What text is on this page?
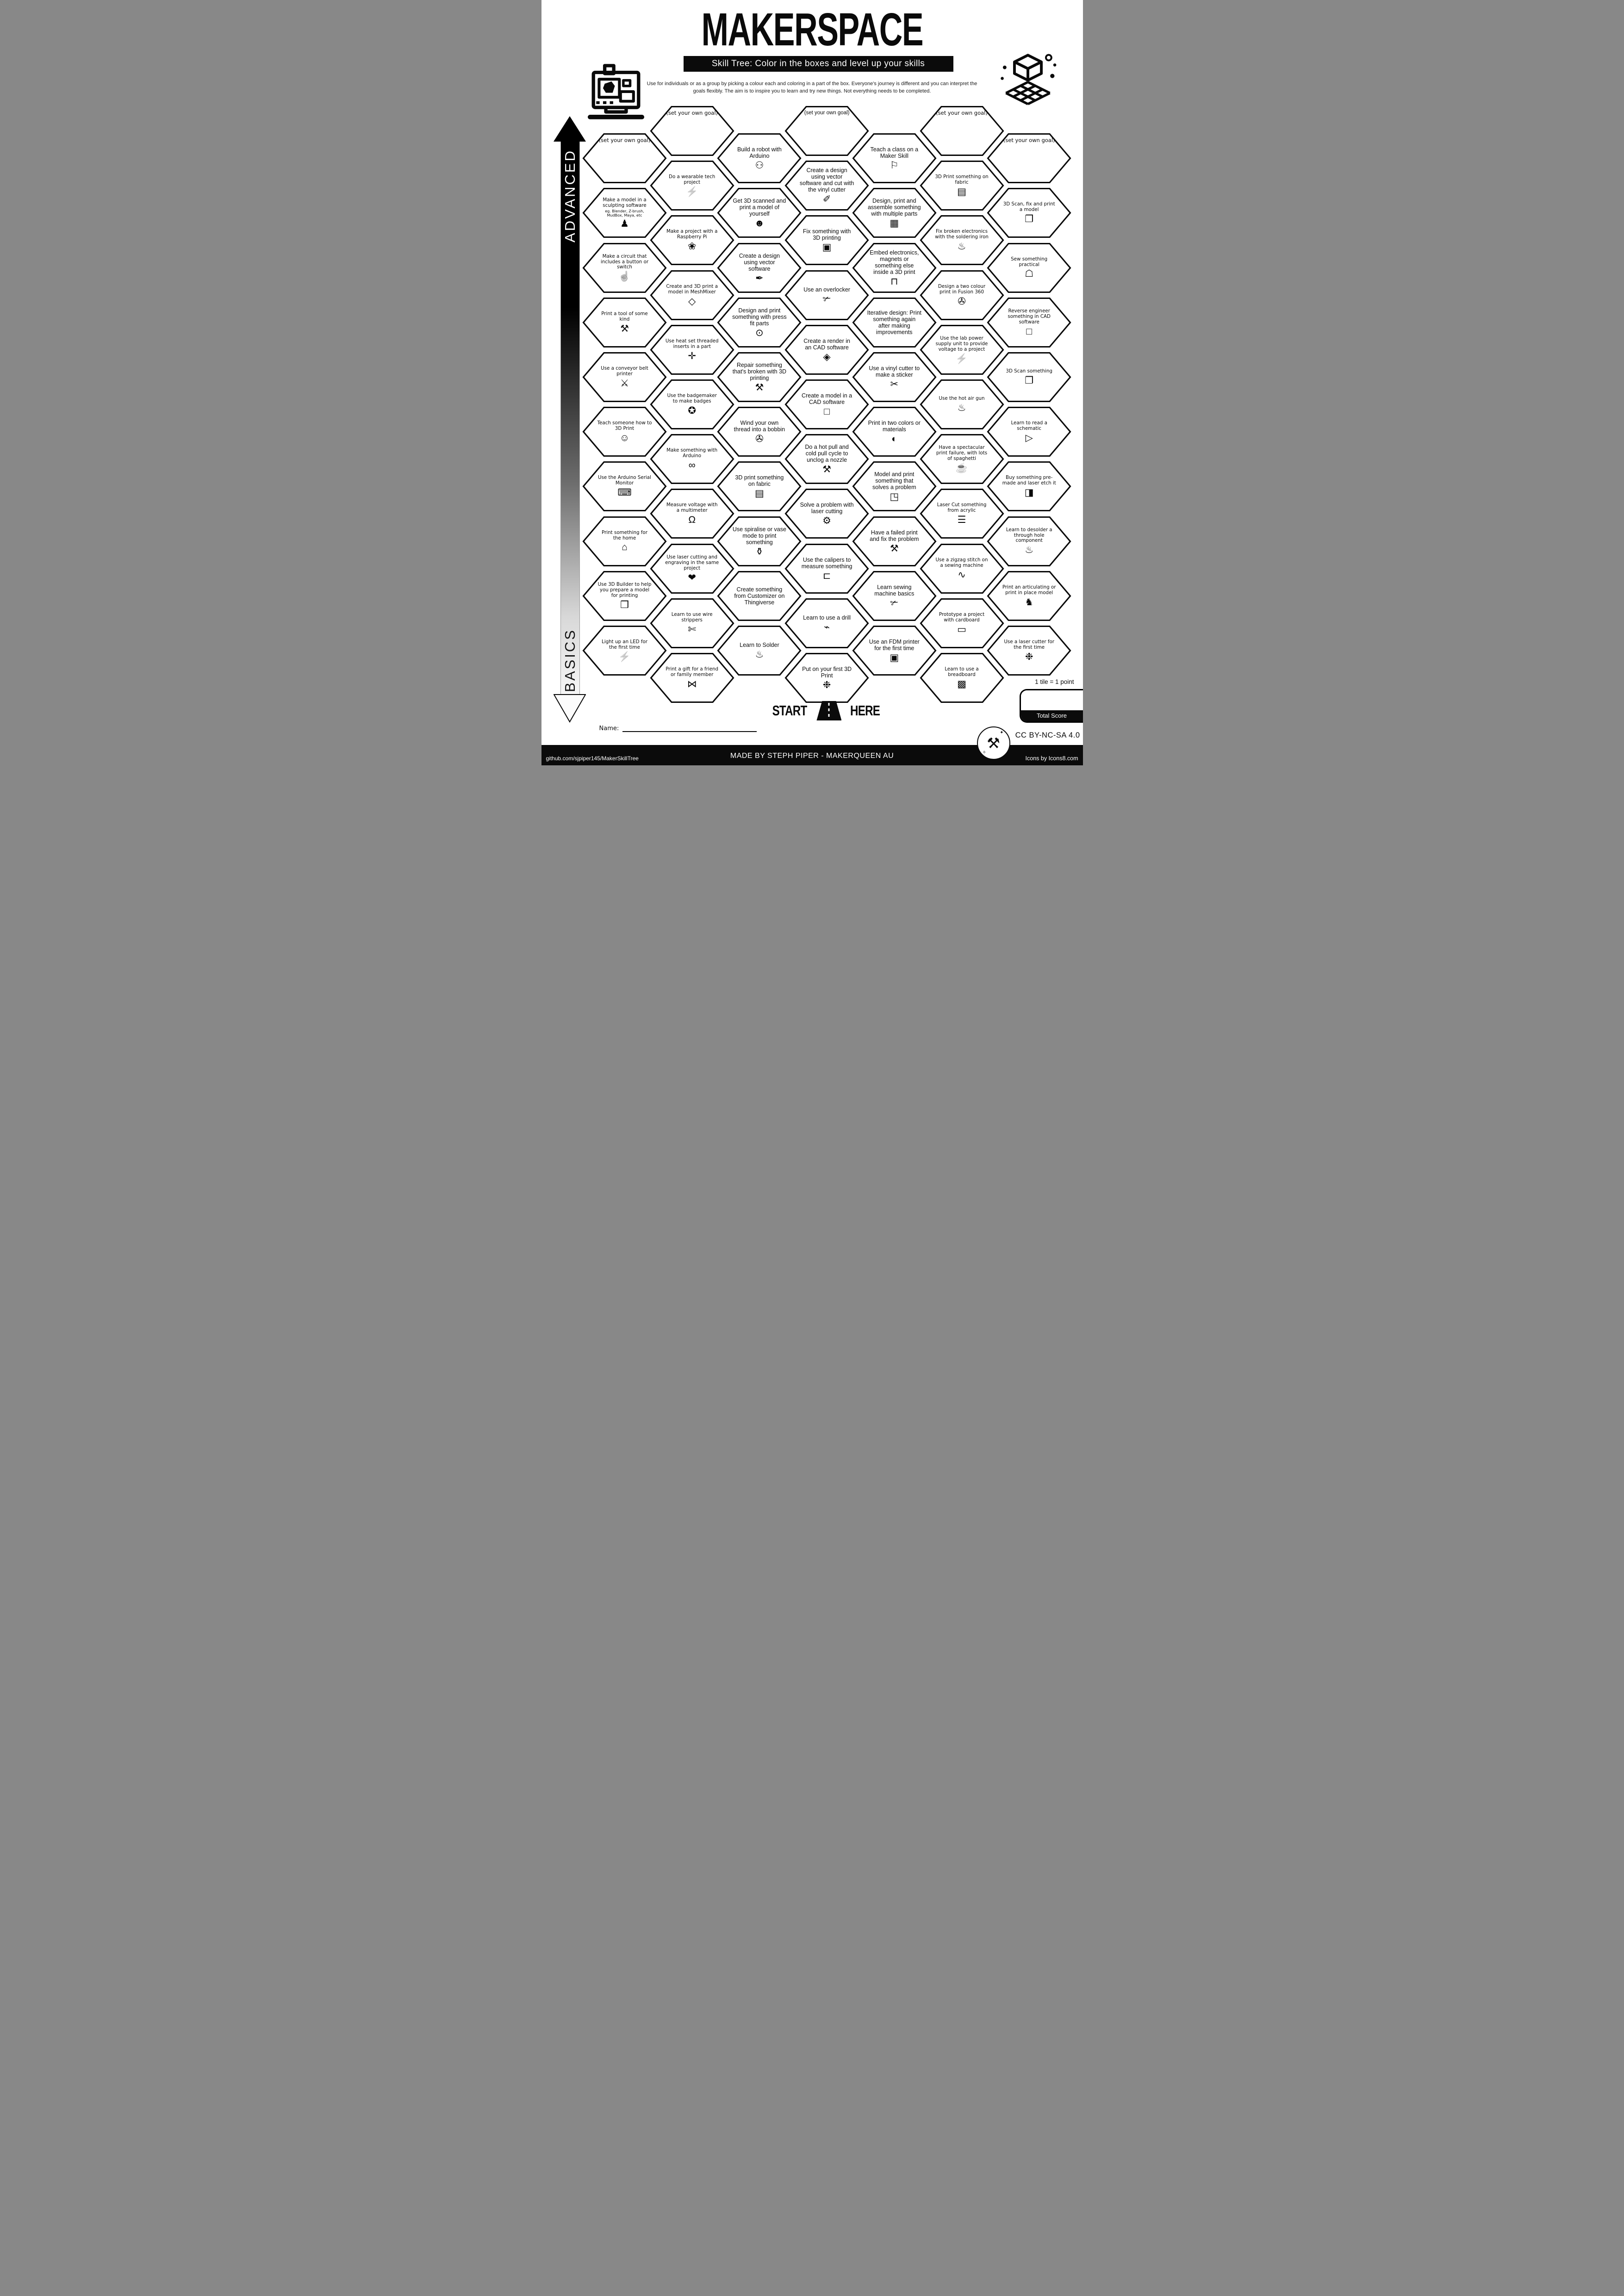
MAKERSPACE
Skill Tree: Color in the boxes and level up your skills
Use for individuals or as a group by picking a colour each and coloring in a part of the box. Everyone's journey is different and you can interpret the goals flexibly. The aim is to inspire you to learn and try new things. Not everything needs to be completed.
ADVANCED
BASICS
(set your own goal)
Make a model in a sculpting software
eg. Blender, Z-brush, MudBox, Maya, etc
♟
Make a circuit that includes a button or switch
☝
Print a tool of some kind
⚒
Use a conveyor belt printer
⚔
Teach someone how to 3D Print
☺
Use the Arduino Serial Monitor
⌨
Print something for the home
⌂
Use 3D Builder to help you prepare a model for printing
❒
Light up an LED for the first time
⚡
(set your own goal)
Do a wearable tech project
⚡
Make a project with a Raspberry Pi
❀
Create and 3D print a model in MeshMixer
◇
Use heat set threaded inserts in a part
✛
Use the badgemaker to make badges
✪
Make something with Arduino
∞
Measure voltage with a multimeter
Ω
Use laser cutting and engraving in the same project
❤
Learn to use wire strippers
✄
Print a gift for a friend or family member
⋈
Build a robot with Arduino
⚇
Get 3D scanned and print a model of yourself
☻
Create a design using vector software
✒
Design and print something with press fit parts
⊙
Repair something that's broken with 3D printing
⚒
Wind your own thread into a bobbin
✇
3D print something on fabric
▤
Use spiralise or vase mode to print something
⚱
Create something from Customizer on Thingiverse
Learn to Solder
♨
(set your own goal)
Create a design using vector software and cut with the vinyl cutter
✐
Fix something with 3D printing
▣
Use an overlocker
✃
Create a render in an CAD software
◈
Create a model in a CAD software
□
Do a hot pull and cold pull cycle to unclog a nozzle
⚒
Solve a problem with laser cutting
⚙
Use the calipers to measure something
⊏
Learn to use a drill
⌁
Put on your first 3D Print
❉
Teach a class on a Maker Skill
⚐
Design, print and assemble something with multiple parts
▦
Embed electronics, magnets or something else inside a 3D print
⊓
Iterative design: Print something again after making improvements
Use a vinyl cutter to make a sticker
✂
Print in two colors or materials
◐
Model and print something that solves a problem
◳
Have a failed print and fix the problem
⚒
Learn sewing machine basics
✃
Use an FDM printer for the first time
▣
(set your own goal)
3D Print something on fabric
▤
Fix broken electronics with the soldering iron
♨
Design a two colour print in Fusion 360
✇
Use the lab power supply unit to provide voltage to a project
⚡
Use the hot air gun
♨
Have a spectacular print failure, with lots of spaghetti
☕
Laser Cut something from acrylic
☰
Use a zigzag stitch on a sewing machine
∿
Prototype a project with cardboard
▭
Learn to use a breadboard
▩
(set your own goal)
3D Scan, fix and print a model
❐
Sew something practical
☖
Reverse engineer something in CAD software
□
3D Scan something
❐
Learn to read a schematic
▷
Buy something pre-made and laser etch it
◨
Learn to desolder a through hole component
♨
Print an articulating or print in place model
♞
Use a laser cutter for the first time
❉
START	HERE
Name:
1 tile = 1 point
Total Score
⚒
✦
✧
CC BY-NC-SA 4.0
github.com/sjpiper145/MakerSkillTree	MADE BY STEPH PIPER - MAKERQUEEN AU	Icons by Icons8.com
